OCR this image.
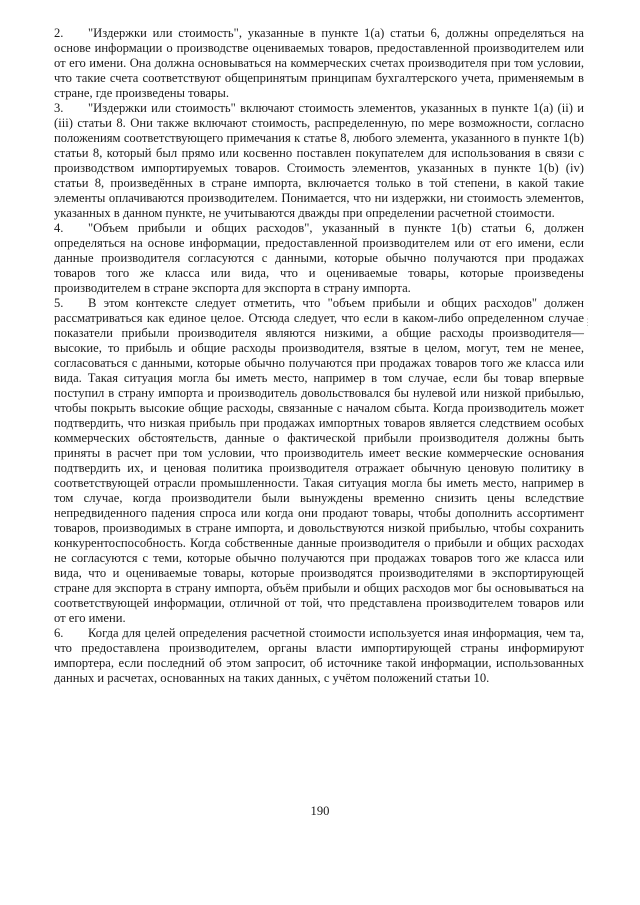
2. "Издержки или стоимость", указанные в пункте 1(а) статьи 6, должны определяться на основе информации о производстве оцениваемых товаров, предоставленной производителем или от его имени. Она должна основываться на коммерческих счетах производителя при том условии, что такие счета соответствуют общепринятым принципам бухгалтерского учета, применяемым в стране, где произведены товары.

3. "Издержки или стоимость" включают стоимость элементов, указанных в пункте 1(а) (ii) и (iii) статьи 8. Они также включают стоимость, распределенную, по мере возможности, согласно положениям соответствующего примечания к статье 8, любого элемента, указанного в пункте 1(b) статьи 8, который был прямо или косвенно поставлен покупателем для использования в связи с производством импортируемых товаров. Стоимость элементов, указанных в пункте 1(b) (iv) статьи 8, произведённых в стране импорта, включается только в той степени, в какой такие элементы оплачиваются производителем. Понимается, что ни издержки, ни стоимость элементов, указанных в данном пункте, не учитываются дважды при определении расчетной стоимости.

4. "Объем прибыли и общих расходов", указанный в пункте 1(b) статьи 6, должен определяться на основе информации, предоставленной производителем или от его имени, если данные производителя согласуются с данными, которые обычно получаются при продажах товаров того же класса или вида, что и оцениваемые товары, которые произведены производителем в стране экспорта для экспорта в страну импорта.

5. В этом контексте следует отметить, что "объем прибыли и общих расходов" должен рассматриваться как единое целое. Отсюда следует, что если в каком-либо определенном случае показатели прибыли производителя являются низкими, а общие расходы производителя—высокие, то прибыль и общие расходы производителя, взятые в целом, могут, тем не менее, согласоваться с данными, которые обычно получаются при продажах товаров того же класса или вида. Такая ситуация могла бы иметь место, например в том случае, если бы товар впервые поступил в страну импорта и производитель довольствовался бы нулевой или низкой прибылью, чтобы покрыть высокие общие расходы, связанные с началом сбыта. Когда производитель может подтвердить, что низкая прибыль при продажах импортных товаров является следствием особых коммерческих обстоятельств, данные о фактической прибыли производителя должны быть приняты в расчет при том условии, что производитель имеет веские коммерческие основания подтвердить их, и ценовая политика производителя отражает обычную ценовую политику в соответствующей отрасли промышленности. Такая ситуация могла бы иметь место, например в том случае, когда производители были вынуждены временно снизить цены вследствие непредвиденного падения спроса или когда они продают товары, чтобы дополнить ассортимент товаров, производимых в стране импорта, и довольствуются низкой прибылью, чтобы сохранить конкурентоспособность. Когда собственные данные производителя о прибыли и общих расходах не согласуются с теми, которые обычно получаются при продажах товаров того же класса или вида, что и оцениваемые товары, которые производятся производителями в экспортирующей стране для экспорта в страну импорта, объём прибыли и общих расходов мог бы основываться на соответствующей информации, отличной от той, что представлена производителем товаров или от его имени.

6. Когда для целей определения расчетной стоимости используется иная информация, чем та, что предоставлена производителем, органы власти импортирующей страны информируют импортера, если последний об этом запросит, об источнике такой информации, использованных данных и расчетах, основанных на таких данных, с учётом положений статьи 10.

190
⋮
